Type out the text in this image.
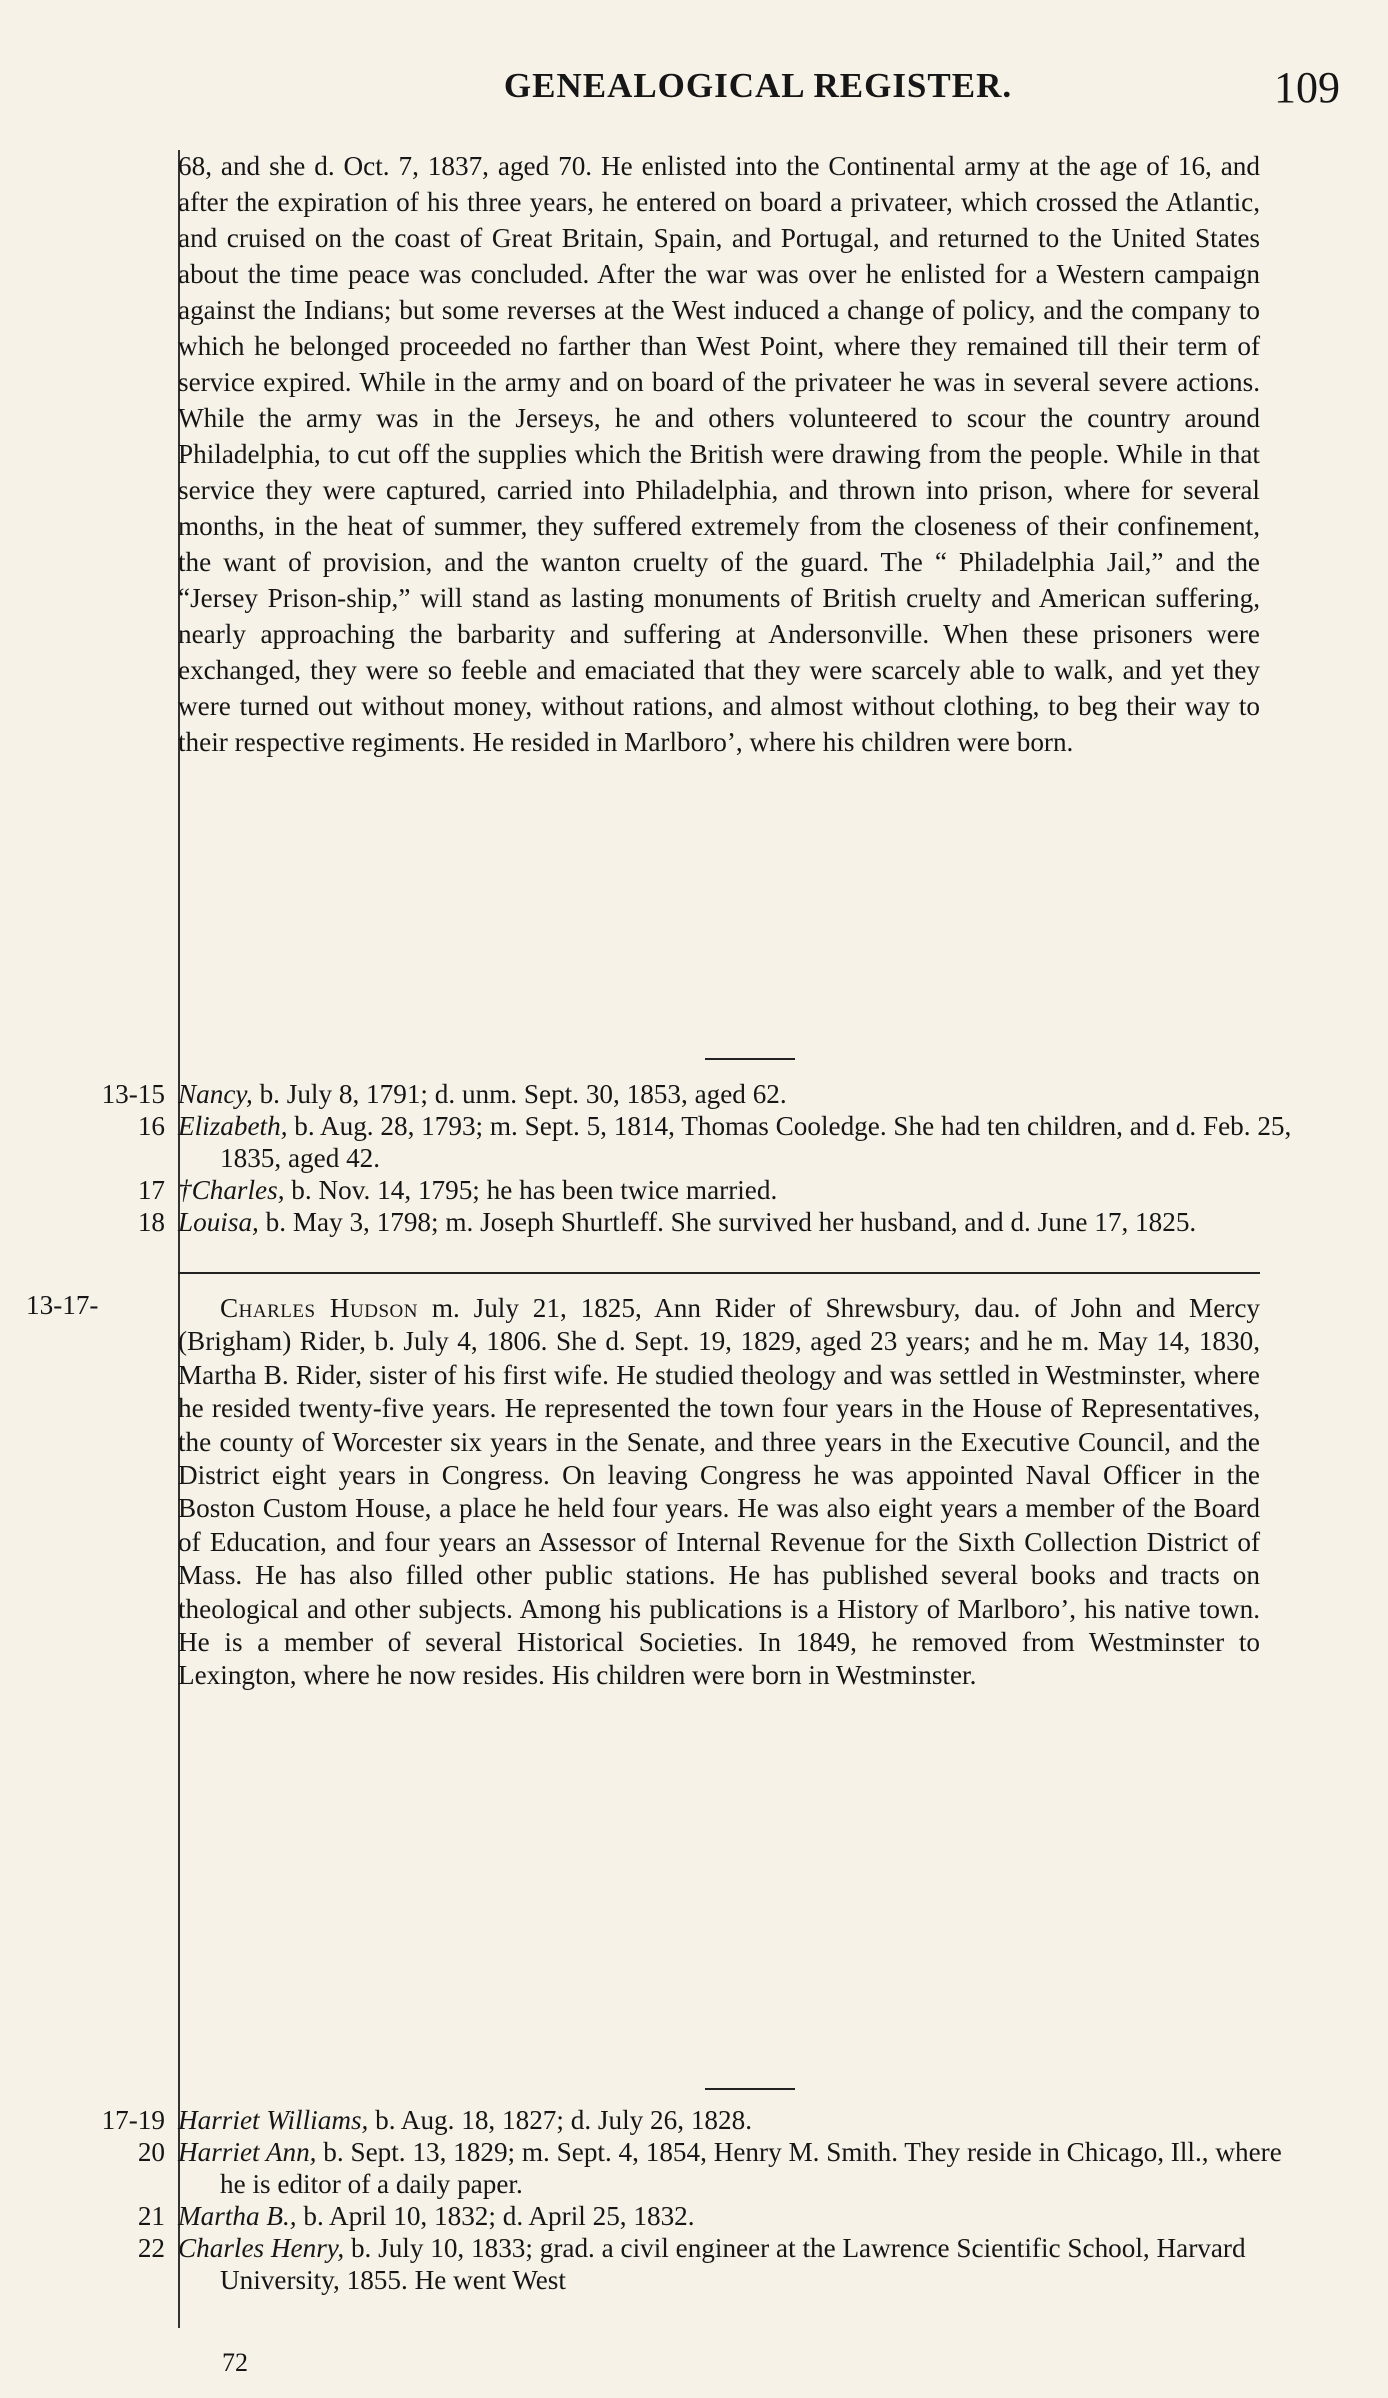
GENEALOGICAL REGISTER.	109
68, and she d. Oct. 7, 1837, aged 70. He enlisted into the Continental army at the age of 16, and after the expiration of his three years, he entered on board a privateer, which crossed the Atlantic, and cruised on the coast of Great Britain, Spain, and Portugal, and returned to the United States about the time peace was concluded. After the war was over he enlisted for a Western campaign against the Indians; but some reverses at the West induced a change of policy, and the company to which he belonged proceeded no farther than West Point, where they remained till their term of service expired. While in the army and on board of the privateer he was in several severe actions. While the army was in the Jerseys, he and others volunteered to scour the country around Philadelphia, to cut off the supplies which the British were drawing from the people. While in that service they were captured, carried into Philadelphia, and thrown into prison, where for several months, in the heat of summer, they suffered extremely from the closeness of their confinement, the want of provision, and the wanton cruelty of the guard. The “ Philadelphia Jail,” and the “Jersey Prison-ship,” will stand as lasting monuments of British cruelty and American suffering, nearly approaching the barbarity and suffering at Andersonville. When these prisoners were exchanged, they were so feeble and emaciated that they were scarcely able to walk, and yet they were turned out without money, without rations, and almost without clothing, to beg their way to their respective regiments. He resided in Marlboro’, where his children were born.
13-15 Nancy, b. July 8, 1791; d. unm. Sept. 30, 1853, aged 62.
16 Elizabeth, b. Aug. 28, 1793; m. Sept. 5, 1814, Thomas Cooledge. She had ten children, and d. Feb. 25, 1835, aged 42.
17 †Charles, b. Nov. 14, 1795; he has been twice married.
18 Louisa, b. May 3, 1798; m. Joseph Shurtleff. She survived her husband, and d. June 17, 1825.
13-17-	Charles Hudson m. July 21, 1825, Ann Rider of Shrewsbury, dau. of John and Mercy (Brigham) Rider, b. July 4, 1806. She d. Sept. 19, 1829, aged 23 years; and he m. May 14, 1830, Martha B. Rider, sister of his first wife. He studied theology and was settled in Westminster, where he resided twenty-five years. He represented the town four years in the House of Representatives, the county of Worcester six years in the Senate, and three years in the Executive Council, and the District eight years in Congress. On leaving Congress he was appointed Naval Officer in the Boston Custom House, a place he held four years. He was also eight years a member of the Board of Education, and four years an Assessor of Internal Revenue for the Sixth Collection District of Mass. He has also filled other public stations. He has published several books and tracts on theological and other subjects. Among his publications is a History of Marlboro’, his native town. He is a member of several Historical Societies. In 1849, he removed from Westminster to Lexington, where he now resides. His children were born in Westminster.
17-19 Harriet Williams, b. Aug. 18, 1827; d. July 26, 1828.
20 Harriet Ann, b. Sept. 13, 1829; m. Sept. 4, 1854, Henry M. Smith. They reside in Chicago, Ill., where he is editor of a daily paper.
21 Martha B., b. April 10, 1832; d. April 25, 1832.
22 Charles Henry, b. July 10, 1833; grad. a civil engineer at the Lawrence Scientific School, Harvard University, 1855. He went West
72
